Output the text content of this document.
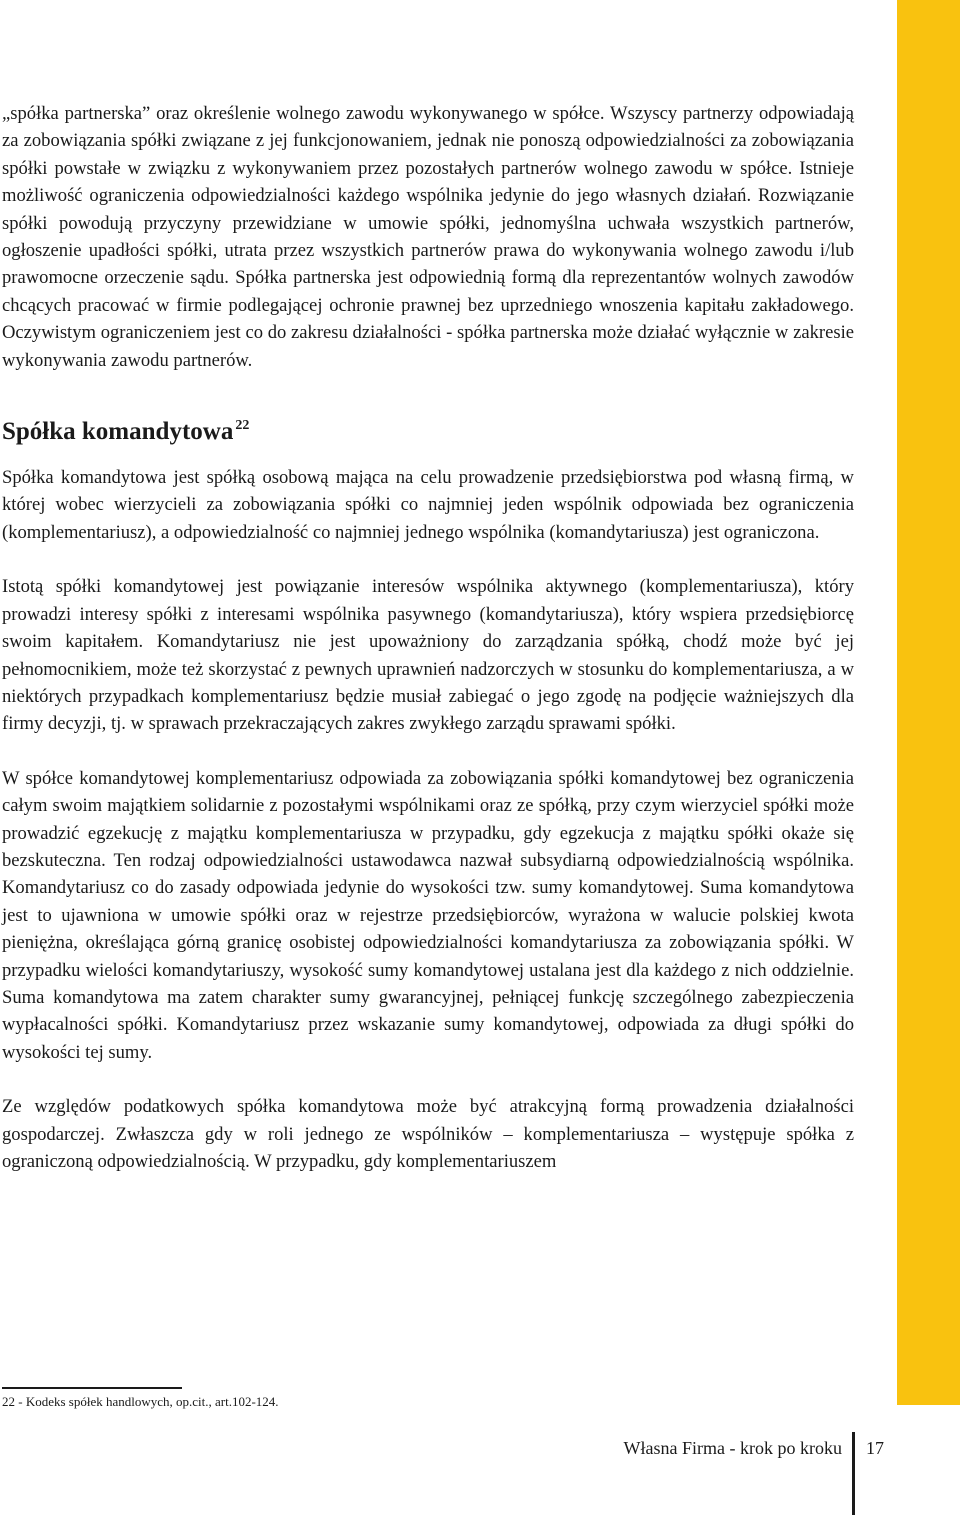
„spółka partnerska” oraz określenie wolnego zawodu wykonywanego w spółce. Wszyscy partnerzy odpowiadają za zobowiązania spółki związane z jej funkcjonowaniem, jednak nie ponoszą odpowiedzialności za zobowiązania spółki powstałe w związku z wykonywaniem przez pozostałych partnerów wolnego zawodu w spółce. Istnieje możliwość ograniczenia odpowiedzialności każdego wspólnika jedynie do jego własnych działań. Rozwiązanie spółki powodują przyczyny przewidziane w umowie spółki, jednomyślna uchwała wszystkich partnerów, ogłoszenie upadłości spółki, utrata przez wszystkich partnerów prawa do wykonywania wolnego zawodu i/lub prawomocne orzeczenie sądu. Spółka partnerska jest odpowiednią formą dla reprezentantów wolnych zawodów chcących pracować w firmie podlegającej ochronie prawnej bez uprzedniego wnoszenia kapitału zakładowego. Oczywistym ograniczeniem jest co do zakresu działalności - spółka partnerska może działać wyłącznie w zakresie wykonywania zawodu partnerów.

Spółka komandytowa $^{22}$

Spółka komandytowa jest spółką osobową mająca na celu prowadzenie przedsiębiorstwa pod własną firmą, w której wobec wierzycieli za zobowiązania spółki co najmniej jeden wspólnik odpowiada bez ograniczenia (komplementariusz), a odpowiedzialność co najmniej jednego wspólnika (komandytariusza) jest ograniczona.

Istotą spółki komandytowej jest powiązanie interesów wspólnika aktywnego (komplementariusza), który prowadzi interesy spółki z interesami wspólnika pasywnego (komandytariusza), który wspiera przedsiębiorcę swoim kapitałem. Komandytariusz nie jest upoważniony do zarządzania spółką, chodź może być jej pełnomocnikiem, może też skorzystać z pewnych uprawnień nadzorczych w stosunku do komplementariusza, a w niektórych przypadkach komplementariusz będzie musiał zabiegać o jego zgodę na podjęcie ważniejszych dla firmy decyzji, tj. w sprawach przekraczających zakres zwykłego zarządu sprawami spółki.

W spółce komandytowej komplementariusz odpowiada za zobowiązania spółki komandytowej bez ograniczenia całym swoim majątkiem solidarnie z pozostałymi wspólnikami oraz ze spółką, przy czym wierzyciel spółki może prowadzić egzekucję z majątku komplementariusza w przypadku, gdy egzekucja z majątku spółki okaże się bezskuteczna. Ten rodzaj odpowiedzialności ustawodawca nazwał subsydiarną odpowiedzialnością wspólnika. Komandytariusz co do zasady odpowiada jedynie do wysokości tzw. sumy komandytowej. Suma komandytowa jest to ujawniona w umowie spółki oraz w rejestrze przedsiębiorców, wyrażona w walucie polskiej kwota pieniężna, określająca górną granicę osobistej odpowiedzialności komandytariusza za zobowiązania spółki. W przypadku wielości komandytariuszy, wysokość sumy komandytowej ustalana jest dla każdego z nich oddzielnie. Suma komandytowa ma zatem charakter sumy gwarancyjnej, pełniącej funkcję szczególnego zabezpieczenia wypłacalności spółki. Komandytariusz przez wskazanie sumy komandytowej, odpowiada za długi spółki do wysokości tej sumy.

Ze względów podatkowych spółka komandytowa może być atrakcyjną formą prowadzenia działalności gospodarczej. Zwłaszcza gdy w roli jednego ze wspólników – komplementariusza – występuje spółka z ograniczoną odpowiedzialnością. W przypadku, gdy komplementariuszem

22 - Kodeks spółek handlowych, op.cit., art.102-124.
Własna Firma - krok po kroku 17
